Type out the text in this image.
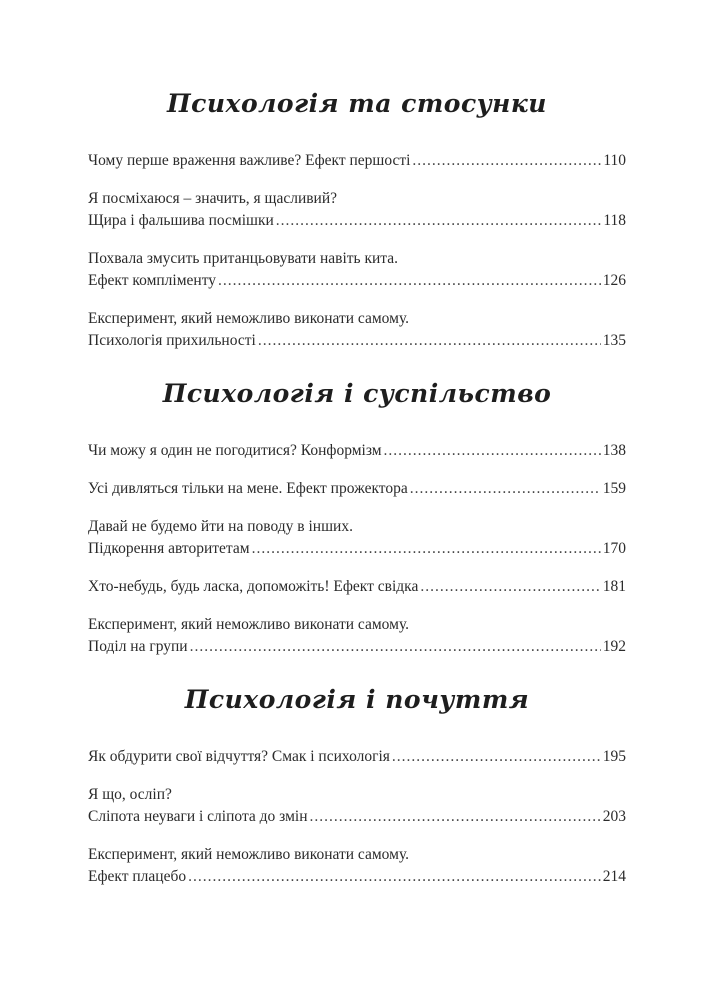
Психологія та стосунки
Чому перше враження важливе? Ефект першості .....	110
Я посміхаюся – значить, я щасливий?
Щира і фальшива посмішки .....	118
Похвала змусить пританцьовувати навіть кита.
Ефект компліменту .....	126
Експеримент, який неможливо виконати самому.
Психологія прихильності .....	135
Психологія і суспільство
Чи можу я один не погодитися? Конформізм .....	138
Усі дивляться тільки на мене. Ефект прожектора .....	159
Давай не будемо йти на поводу в інших.
Підкорення авторитетам .....	170
Хто-небудь, будь ласка, допоможіть! Ефект свідка .....	181
Експеримент, який неможливо виконати самому.
Поділ на групи .....	192
Психологія і почуття
Як обдурити свої відчуття? Смак і психологія .....	195
Я що, осліп?
Сліпота неуваги і сліпота до змін .....	203
Експеримент, який неможливо виконати самому.
Ефект плацебо .....	214
